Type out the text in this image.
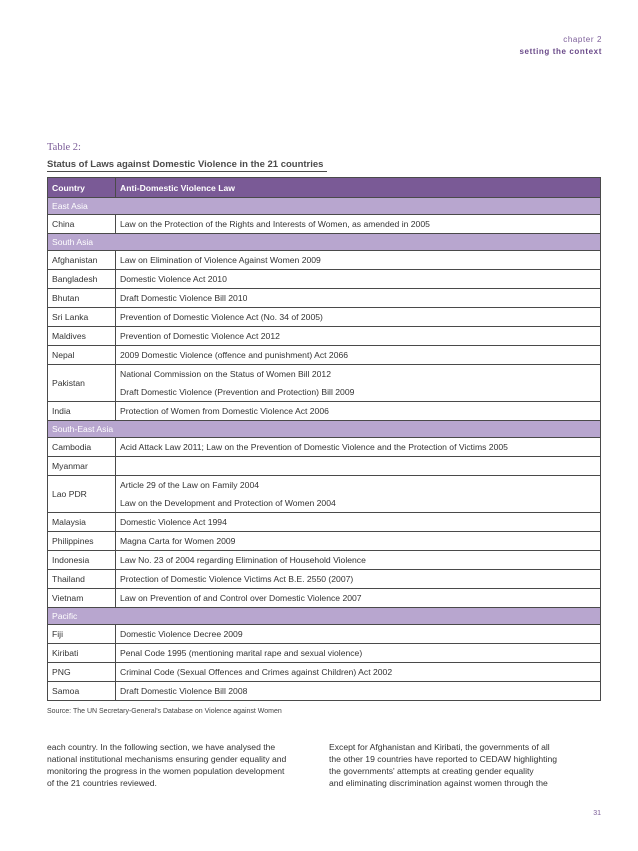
chapter 2
setting the context
Table 2:
Status of Laws against Domestic Violence in the 21 countries
Country	Anti-Domestic Violence Law
East Asia	
China	Law on the Protection of the Rights and Interests of Women, as amended in 2005

South Asia	
Afghanistan	Law on Elimination of Violence Against Women 2009

Bangladesh	Domestic Violence Act 2010

Bhutan	Draft Domestic Violence Bill 2010

Sri Lanka	Prevention of Domestic Violence Act (No. 34 of 2005)

Maldives	Prevention of Domestic Violence Act 2012

Nepal	2009 Domestic Violence (offence and punishment) Act 2066

Pakistan	National Commission on the Status of Women Bill 2012
Draft Domestic Violence (Prevention and Protection) Bill 2009

India	Protection of Women from Domestic Violence Act 2006

South-East Asia	
Cambodia	Acid Attack Law 2011; Law on the Prevention of Domestic Violence and the Protection of Victims 2005

Myanmar	

Lao PDR	Article 29 of the Law on Family 2004
Law on the Development and Protection of Women 2004

Malaysia	Domestic Violence Act 1994

Philippines	Magna Carta for Women 2009

Indonesia	Law No. 23 of 2004 regarding Elimination of Household Violence

Thailand	Protection of Domestic Violence Victims Act B.E. 2550 (2007)

Vietnam	Law on Prevention of and Control over Domestic Violence 2007

Pacific	
Fiji	Domestic Violence Decree 2009

Kiribati	Penal Code 1995 (mentioning marital rape and sexual violence)

PNG	Criminal Code (Sexual Offences and Crimes against Children) Act 2002

Samoa	Draft Domestic Violence Bill 2008
Source: The UN Secretary-General's Database on Violence against Women
each country. In the following section, we have analysed the
national institutional mechanisms ensuring gender equality and
monitoring the progress in the women population development
of the 21 countries reviewed.
Except for Afghanistan and Kiribati, the governments of all
the other 19 countries have reported to CEDAW highlighting
the governments' attempts at creating gender equality
and eliminating discrimination against women through the
31
